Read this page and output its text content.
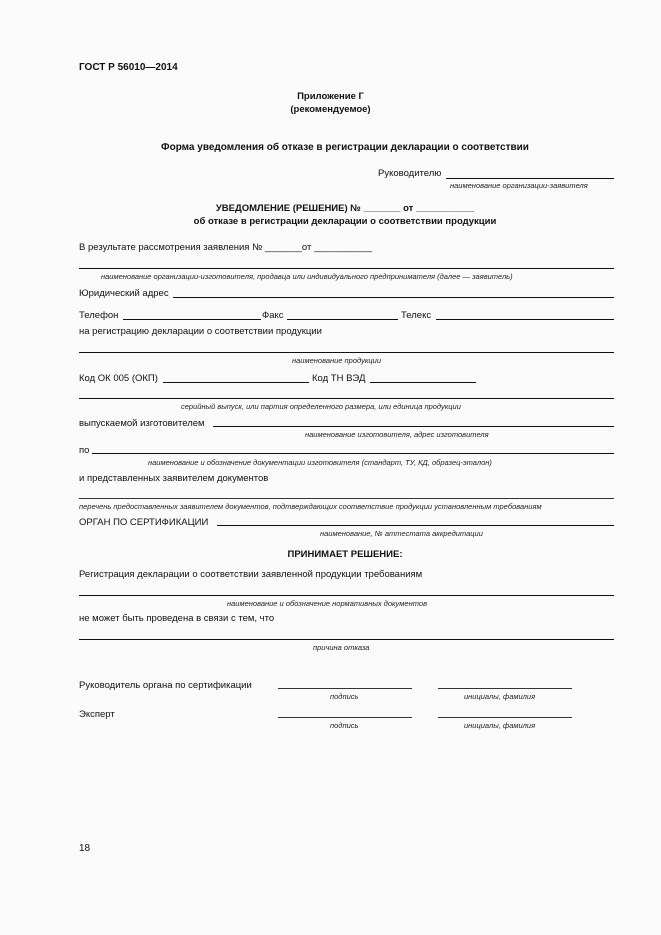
ГОСТ Р 56010—2014
Приложение Г
(рекомендуемое)
Форма уведомления об отказе в регистрации декларации о соответствии
Руководителю
наименование организации-заявителя
УВЕДОМЛЕНИЕ (РЕШЕНИЕ) № _______ от ___________
об отказе в регистрации декларации о соответствии продукции
В результате рассмотрения заявления № _______от ___________
наименование организации-изготовителя, продавца или индивидуального предпринимателя (далее — заявитель)
Юридический адрес
Телефон	Факс	Телекс
на регистрацию декларации о соответствии продукции
наименование продукции
Код ОК 005 (ОКП)	Код ТН ВЭД
серийный выпуск, или партия определенного размера, или единица продукции
выпускаемой изготовителем
наименование изготовителя, адрес изготовителя
по
наименование и обозначение документации изготовителя (стандарт, ТУ, КД, образец-эталон)
и представленных заявителем документов
перечень предоставленных заявителем документов, подтверждающих соответствие продукции установленным требованиям
ОРГАН ПО СЕРТИФИКАЦИИ
наименование, № аттестата аккредитации
ПРИНИМАЕТ РЕШЕНИЕ:
Регистрация декларации о соответствии заявленной продукции требованиям
наименование и обозначение нормативных документов
не может быть проведена в связи с тем, что
причина отказа
Руководитель органа по сертификации
подпись	инициалы, фамилия
Эксперт
подпись	инициалы, фамилия
18
